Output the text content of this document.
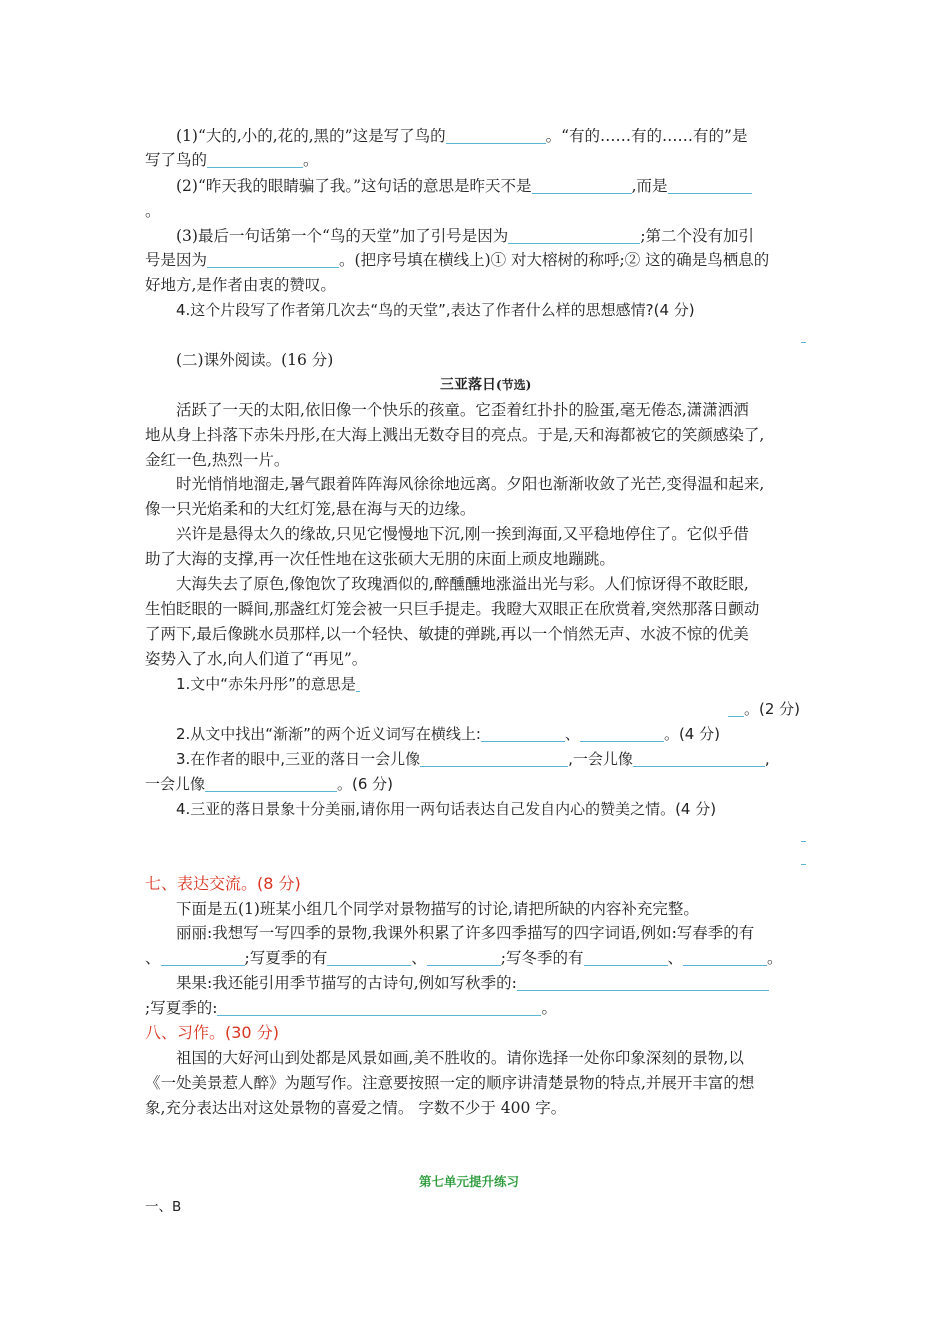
(1)“大的,小的,花的,黑的”这是写了鸟的	。“有的……有的……有的”是
写了鸟的	。
(2)“昨天我的眼睛骗了我。”这句话的意思是昨天不是	,而是
。
(3)最后一句话第一个“鸟的天堂”加了引号是因为	;第二个没有加引
号是因为	。(把序号填在横线上)① 对大榕树的称呼;② 这的确是鸟栖息的
好地方,是作者由衷的赞叹。
4.这个片段写了作者第几次去“鸟的天堂”,表达了作者什么样的思想感情?(4 分)
(二)课外阅读。(16 分)
三亚落日(节选)
活跃了一天的太阳,依旧像一个快乐的孩童。它歪着红扑扑的脸蛋,毫无倦态,潇潇洒洒
地从身上抖落下赤朱丹彤,在大海上溅出无数夺目的亮点。于是,天和海都被它的笑颜感染了,
金红一色,热烈一片。
时光悄悄地溜走,暑气跟着阵阵海风徐徐地远离。夕阳也渐渐收敛了光芒,变得温和起来,
像一只光焰柔和的大红灯笼,悬在海与天的边缘。
兴许是悬得太久的缘故,只见它慢慢地下沉,刚一挨到海面,又平稳地停住了。它似乎借
助了大海的支撑,再一次任性地在这张硕大无朋的床面上顽皮地蹦跳。
大海失去了原色,像饱饮了玫瑰酒似的,醉醺醺地涨溢出光与彩。人们惊讶得不敢眨眼,
生怕眨眼的一瞬间,那盏红灯笼会被一只巨手提走。我瞪大双眼正在欣赏着,突然那落日颤动
了两下,最后像跳水员那样,以一个轻快、敏捷的弹跳,再以一个悄然无声、水波不惊的优美
姿势入了水,向人们道了“再见”。
1.文中“赤朱丹彤”的意思是
。(2 分)
2.从文中找出“渐渐”的两个近义词写在横线上:	、	。(4 分)
3.在作者的眼中,三亚的落日一会儿像	,一会儿像	,
一会儿像	。(6 分)
4.三亚的落日景象十分美丽,请你用一两句话表达自己发自内心的赞美之情。(4 分)
七、表达交流。(8 分)
下面是五(1)班某小组几个同学对景物描写的讨论,请把所缺的内容补充完整。
丽丽:我想写一写四季的景物,我课外积累了许多四季描写的四字词语,例如:写春季的有
、	;写夏季的有	、	;写冬季的有	、	。
果果:我还能引用季节描写的古诗句,例如写秋季的:
;写夏季的:	。
八、习作。(30 分)
祖国的大好河山到处都是风景如画,美不胜收的。请你选择一处你印象深刻的景物,以
《一处美景惹人醉》为题写作。注意要按照一定的顺序讲清楚景物的特点,并展开丰富的想
象,充分表达出对这处景物的喜爱之情。 字数不少于 400 字。
第七单元提升练习
一、B
